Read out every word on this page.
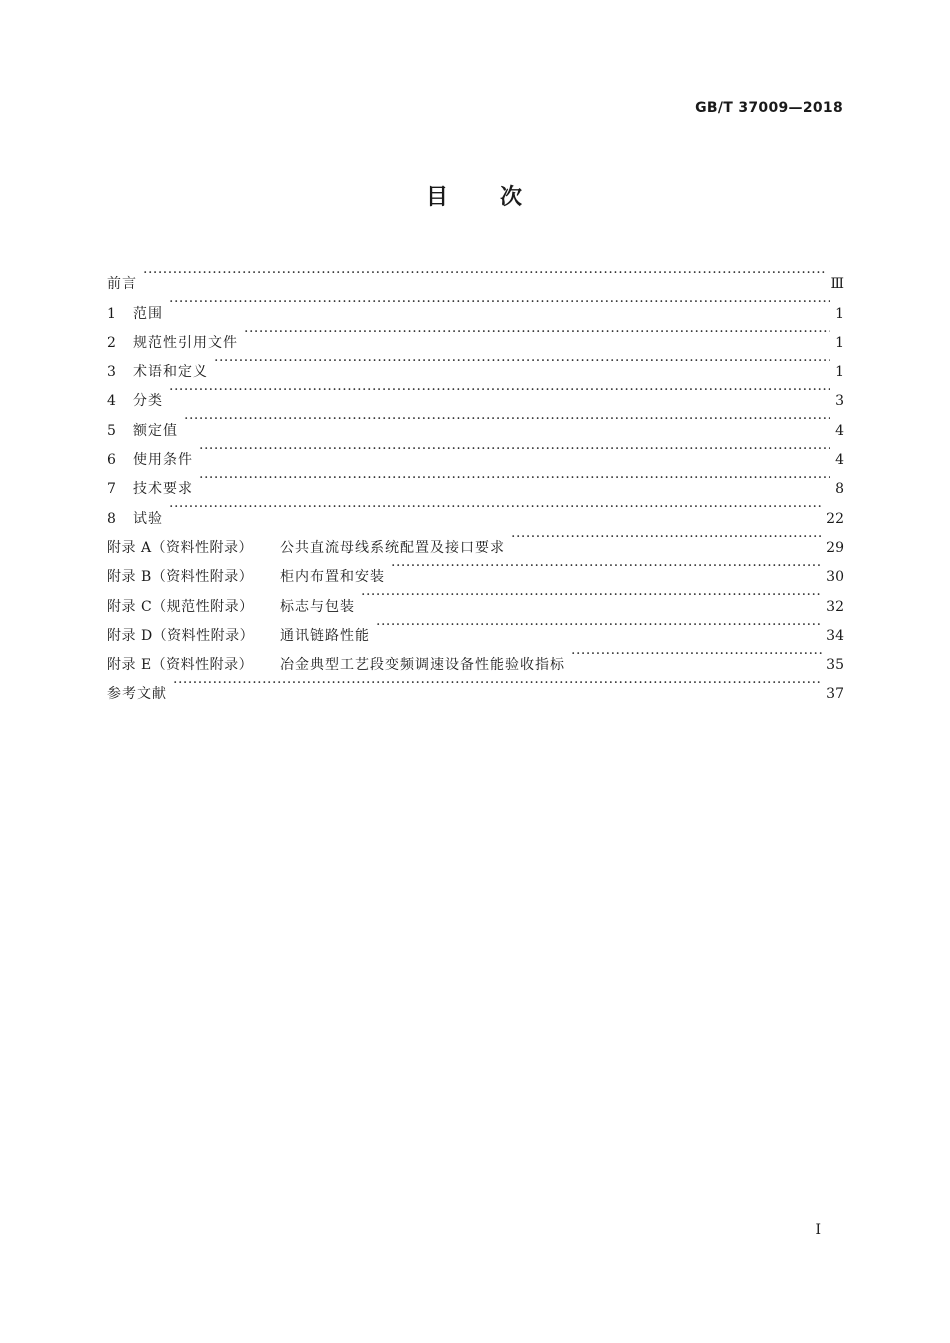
GB/T 37009—2018
目 次
前言 ·····	Ⅲ
1	范围 ·····	1
2	规范性引用文件 ·····	1
3	术语和定义 ·····	1
4	分类 ·····	3
5	额定值 ·····	4
6	使用条件 ·····	4
7	技术要求 ·····	8
8	试验 ·····	22
附录 A（资料性附录）	公共直流母线系统配置及接口要求 ·····	29
附录 B（资料性附录）	柜内布置和安装 ·····	30
附录 C（规范性附录）	标志与包装 ·····	32
附录 D（资料性附录）	通讯链路性能 ·····	34
附录 E（资料性附录）	冶金典型工艺段变频调速设备性能验收指标 ·····	35
参考文献 ·····	37
I
